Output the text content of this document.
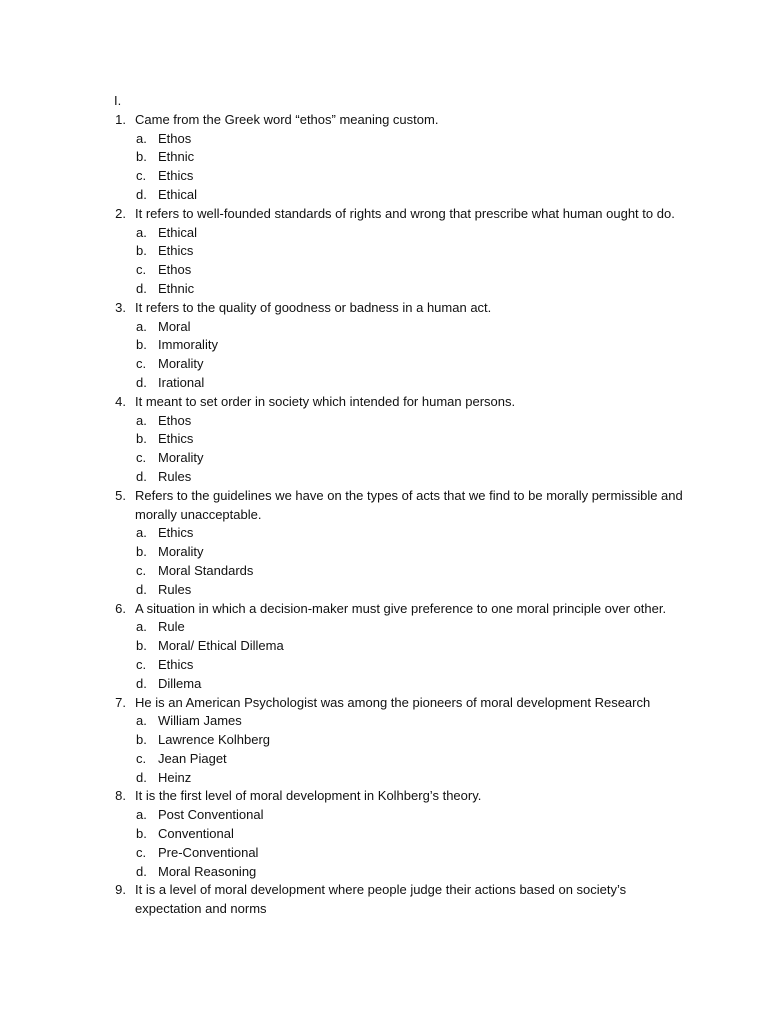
I.
1. Came from the Greek word “ethos” meaning custom.
a. Ethos
b. Ethnic
c. Ethics
d. Ethical
2. It refers to well-founded standards of rights and wrong that prescribe what human ought to do.
a. Ethical
b. Ethics
c. Ethos
d. Ethnic
3. It refers to the quality of goodness or badness in a human act.
a. Moral
b. Immorality
c. Morality
d. Irational
4. It meant to set order in society which intended for human persons.
a. Ethos
b. Ethics
c. Morality
d. Rules
5. Refers to the guidelines we have on the types of acts that we find to be morally permissible and
morally unacceptable.
a. Ethics
b. Morality
c. Moral Standards
d. Rules
6. A situation in which a decision-maker must give preference to one moral principle over other.
a. Rule
b. Moral/ Ethical Dillema
c. Ethics
d. Dillema
7. He is an American Psychologist was among the pioneers of moral development Research
a. William James
b. Lawrence Kolhberg
c. Jean Piaget
d. Heinz
8. It is the first level of moral development in Kolhberg’s theory.
a. Post Conventional
b. Conventional
c. Pre-Conventional
d. Moral Reasoning
9. It is a level of moral development where people judge their actions based on society’s
expectation and norms
